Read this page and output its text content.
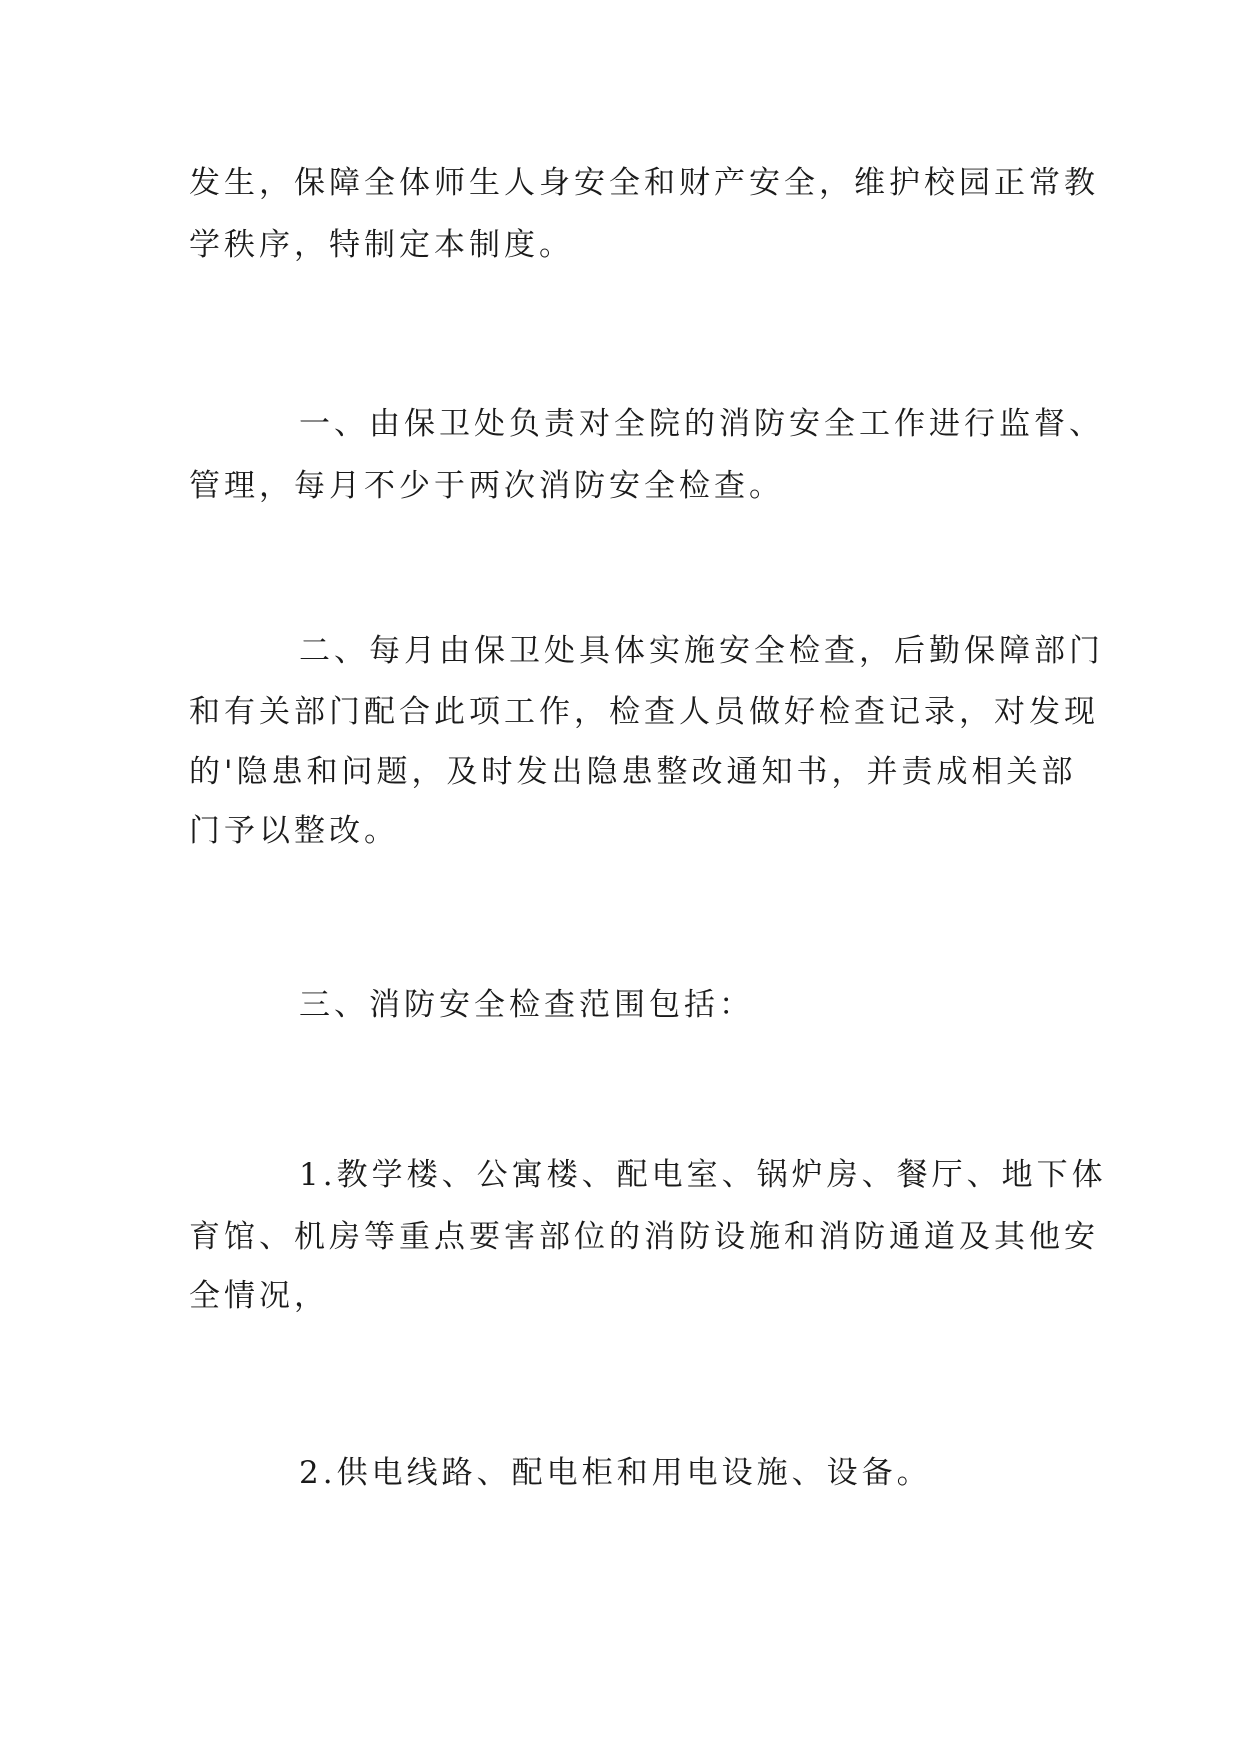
发生，保障全体师生人身安全和财产安全，维护校园正常教
学秩序，特制定本制度。
一、由保卫处负责对全院的消防安全工作进行监督、
管理，每月不少于两次消防安全检查。
二、每月由保卫处具体实施安全检查，后勤保障部门
和有关部门配合此项工作，检查人员做好检查记录，对发现
的'隐患和问题，及时发出隐患整改通知书，并责成相关部
门予以整改。
三、消防安全检查范围包括：
1.教学楼、公寓楼、配电室、锅炉房、餐厅、地下体
育馆、机房等重点要害部位的消防设施和消防通道及其他安
全情况，
2.供电线路、配电柜和用电设施、设备。
